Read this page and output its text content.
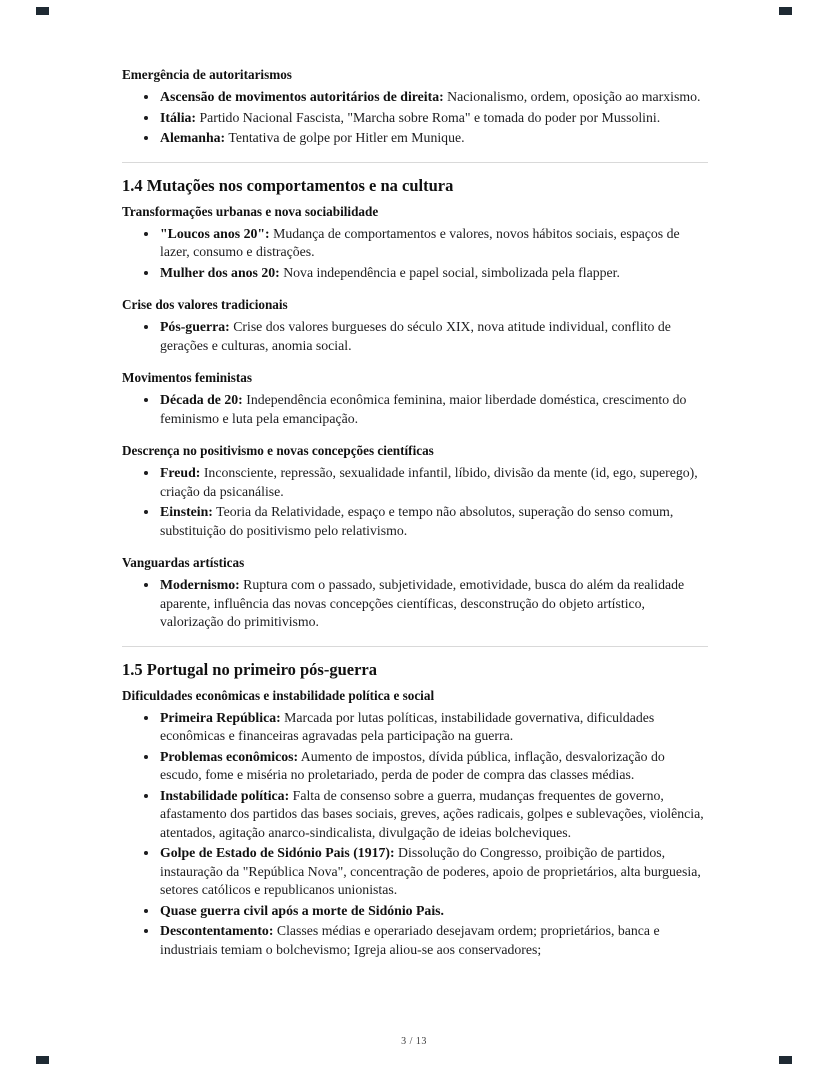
Emergência de autoritarismos
• Ascensão de movimentos autoritários de direita: Nacionalismo, ordem, oposição ao marxismo.
• Itália: Partido Nacional Fascista, "Marcha sobre Roma" e tomada do poder por Mussolini.
• Alemanha: Tentativa de golpe por Hitler em Munique.
1.4 Mutações nos comportamentos e na cultura
Transformações urbanas e nova sociabilidade
• "Loucos anos 20": Mudança de comportamentos e valores, novos hábitos sociais, espaços de lazer, consumo e distrações.
• Mulher dos anos 20: Nova independência e papel social, simbolizada pela flapper.
Crise dos valores tradicionais
• Pós-guerra: Crise dos valores burgueses do século XIX, nova atitude individual, conflito de gerações e culturas, anomia social.
Movimentos feministas
• Década de 20: Independência econômica feminina, maior liberdade doméstica, crescimento do feminismo e luta pela emancipação.
Descrença no positivismo e novas concepções científicas
• Freud: Inconsciente, repressão, sexualidade infantil, líbido, divisão da mente (id, ego, superego), criação da psicanálise.
• Einstein: Teoria da Relatividade, espaço e tempo não absolutos, superação do senso comum, substituição do positivismo pelo relativismo.
Vanguardas artísticas
• Modernismo: Ruptura com o passado, subjetividade, emotividade, busca do além da realidade aparente, influência das novas concepções científicas, desconstrução do objeto artístico, valorização do primitivismo.
1.5 Portugal no primeiro pós-guerra
Dificuldades econômicas e instabilidade política e social
• Primeira República: Marcada por lutas políticas, instabilidade governativa, dificuldades econômicas e financeiras agravadas pela participação na guerra.
• Problemas econômicos: Aumento de impostos, dívida pública, inflação, desvalorização do escudo, fome e miséria no proletariado, perda de poder de compra das classes médias.
• Instabilidade política: Falta de consenso sobre a guerra, mudanças frequentes de governo, afastamento dos partidos das bases sociais, greves, ações radicais, golpes e sublevações, violência, atentados, agitação anarco-sindicalista, divulgação de ideias bolcheviques.
• Golpe de Estado de Sidónio Pais (1917): Dissolução do Congresso, proibição de partidos, instauração da "República Nova", concentração de poderes, apoio de proprietários, alta burguesia, setores católicos e republicanos unionistas.
• Quase guerra civil após a morte de Sidónio Pais.
• Descontentamento: Classes médias e operariado desejavam ordem; proprietários, banca e industriais temiam o bolchevismo; Igreja aliou-se aos conservadores;
3 / 13
